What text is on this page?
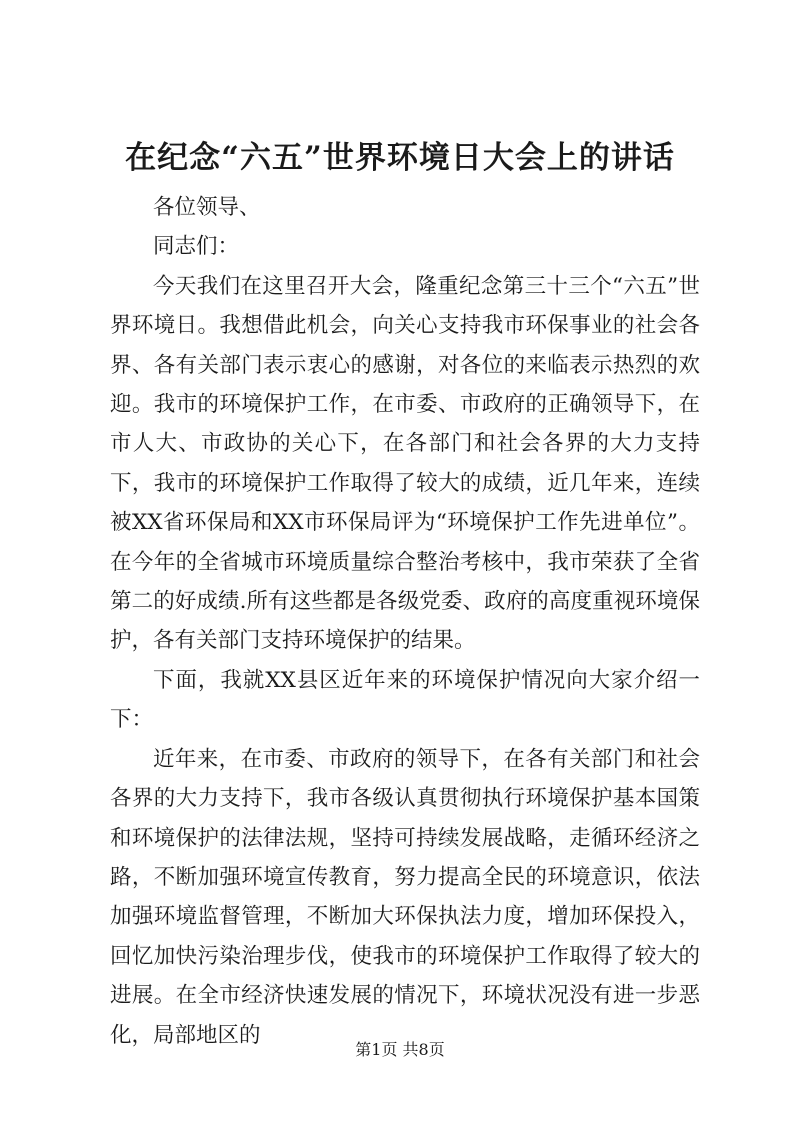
在纪念“六五”世界环境日大会上的讲话

各位领导、

同志们：

今天我们在这里召开大会，隆重纪念第三十三个“六五”世界环境日。我想借此机会，向关心支持我市环保事业的社会各界、各有关部门表示衷心的感谢，对各位的来临表示热烈的欢迎。我市的环境保护工作，在市委、市政府的正确领导下，在市人大、市政协的关心下，在各部门和社会各界的大力支持下，我市的环境保护工作取得了较大的成绩，近几年来，连续被XX省环保局和XX市环保局评为“环境保护工作先进单位”。在今年的全省城市环境质量综合整治考核中，我市荣获了全省第二的好成绩.所有这些都是各级党委、政府的高度重视环境保护，各有关部门支持环境保护的结果。

下面，我就XX县区近年来的环境保护情况向大家介绍一下：

近年来，在市委、市政府的领导下，在各有关部门和社会各界的大力支持下，我市各级认真贯彻执行环境保护基本国策和环境保护的法律法规，坚持可持续发展战略，走循环经济之路，不断加强环境宣传教育，努力提高全民的环境意识，依法加强环境监督管理，不断加大环保执法力度，增加环保投入，回忆加快污染治理步伐，使我市的环境保护工作取得了较大的进展。在全市经济快速发展的情况下，环境状况没有进一步恶化，局部地区的

第1页 共8页
